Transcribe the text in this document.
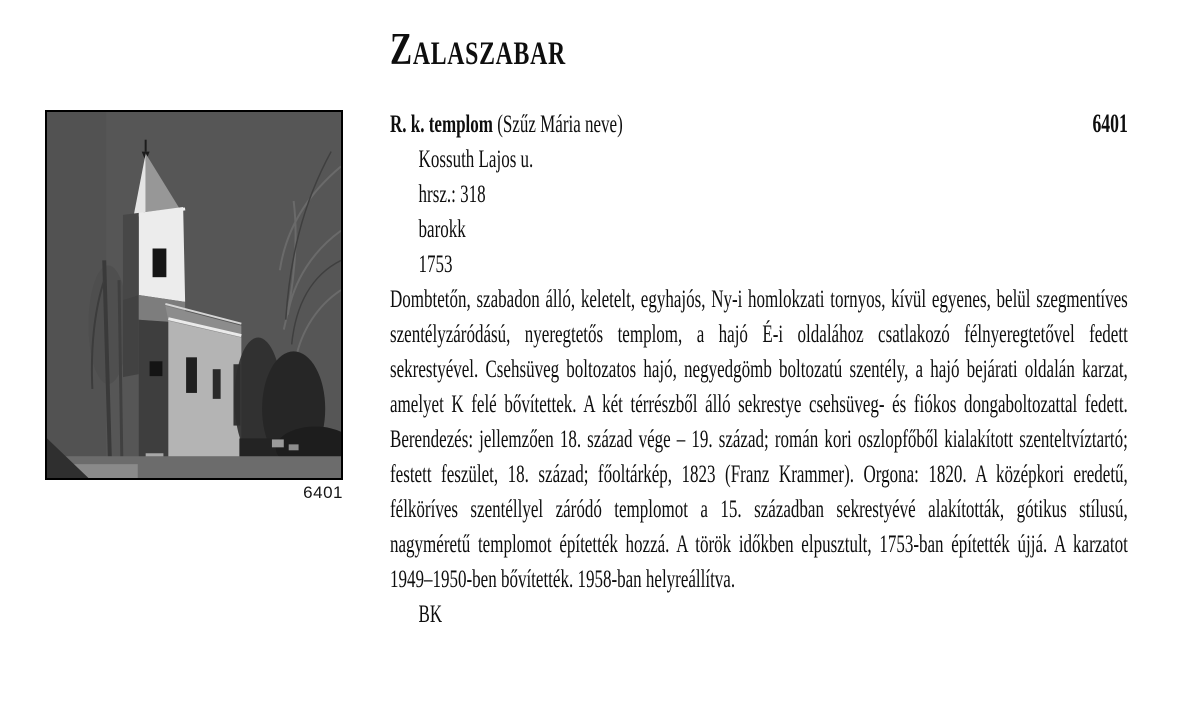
ZALASZABAR
6401
R. k. templom (Szűz Mária neve)	6401
Kossuth Lajos u.
hrsz.: 318
barokk
1753

Dombtetőn, szabadon álló, keletelt, egyhajós, Ny-i homlokzati tornyos, kívül egyenes, belül szegmentíves szentélyzáródású, nyeregtetős templom, a hajó É-i oldalához csatlakozó félnyeregtetővel fedett sekrestyével. Csehsüveg boltozatos hajó, negyedgömb boltozatú szentély, a hajó bejárati oldalán karzat, amelyet K felé bővítettek. A két térrészből álló sekrestye csehsüveg- és fiókos dongaboltozattal fedett. Berendezés: jellemzően 18. század vége – 19. század; román kori oszlopfőből kialakított szenteltvíztartó; festett feszület, 18. század; főoltárkép, 1823 (Franz Krammer). Orgona: 1820. A középkori eredetű, félköríves szentéllyel záródó templomot a 15. században sekrestyévé alakították, gótikus stílusú, nagyméretű templomot építették hozzá. A török időkben elpusztult, 1753-ban építették újjá. A karzatot 1949–1950-ben bővítették. 1958-ban helyreállítva.

BK
